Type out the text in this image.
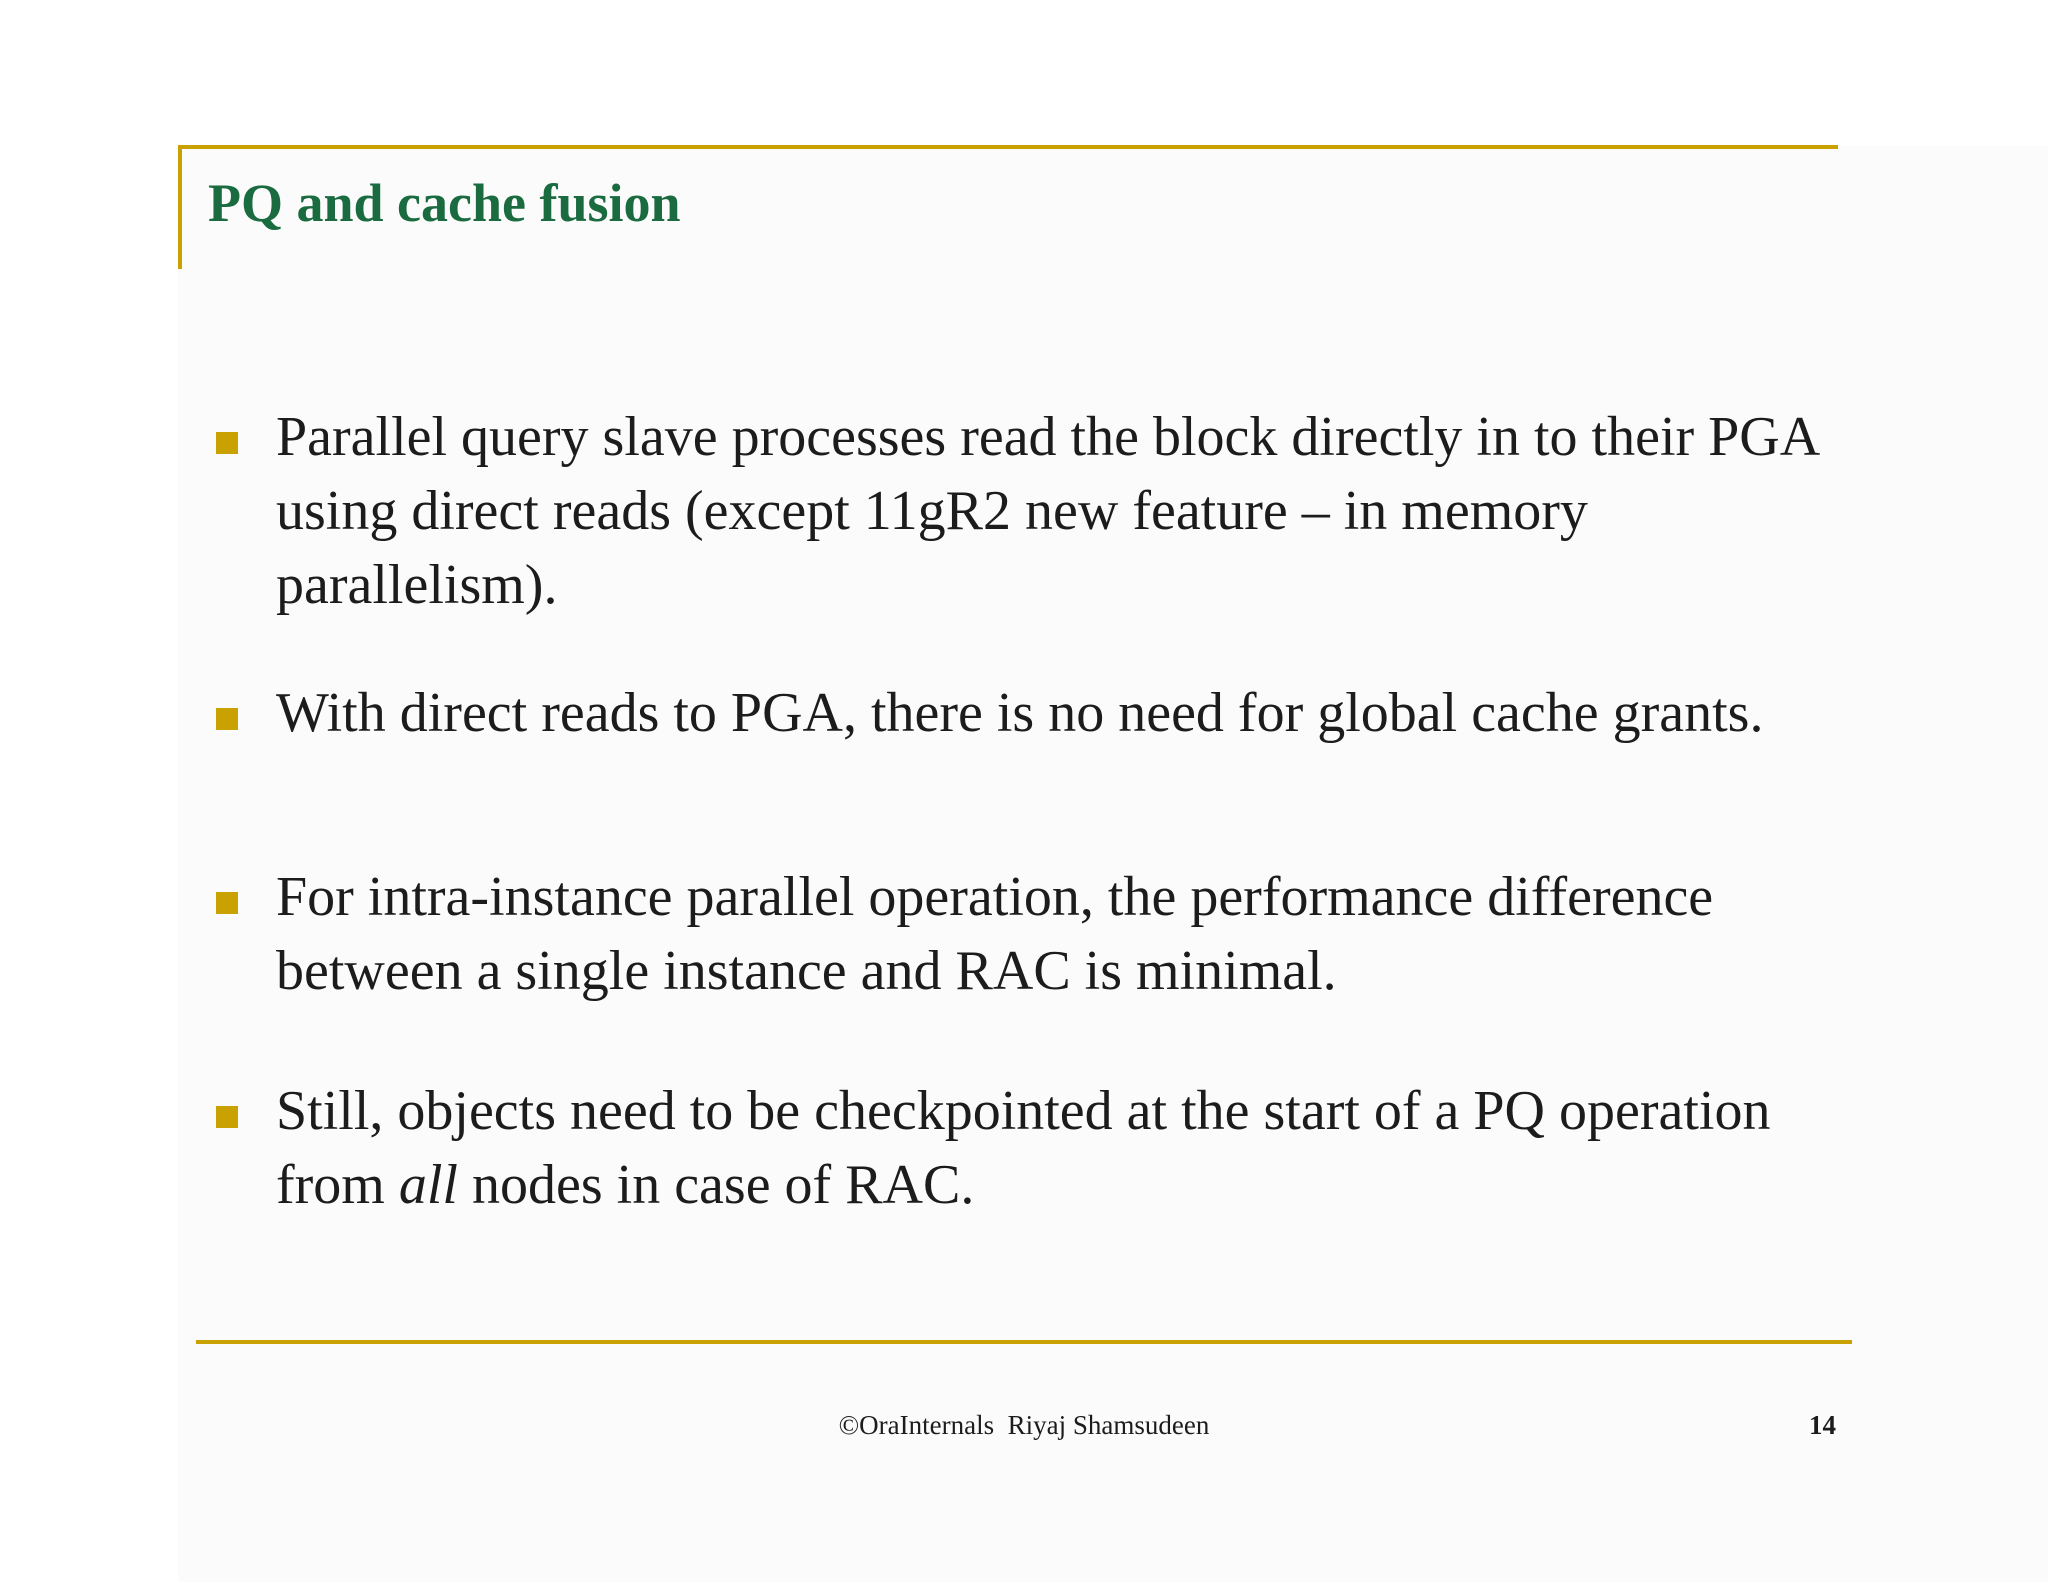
PQ and cache fusion

Parallel query slave processes read the block directly in to their PGA using direct reads (except 11gR2 new feature – in memory parallelism).

With direct reads to PGA, there is no need for global cache grants.

For intra-instance parallel operation, the performance difference between a single instance and RAC is minimal.

Still, objects need to be checkpointed at the start of a PQ operation from all nodes in case of RAC.

©OraInternals  Riyaj Shamsudeen	14
